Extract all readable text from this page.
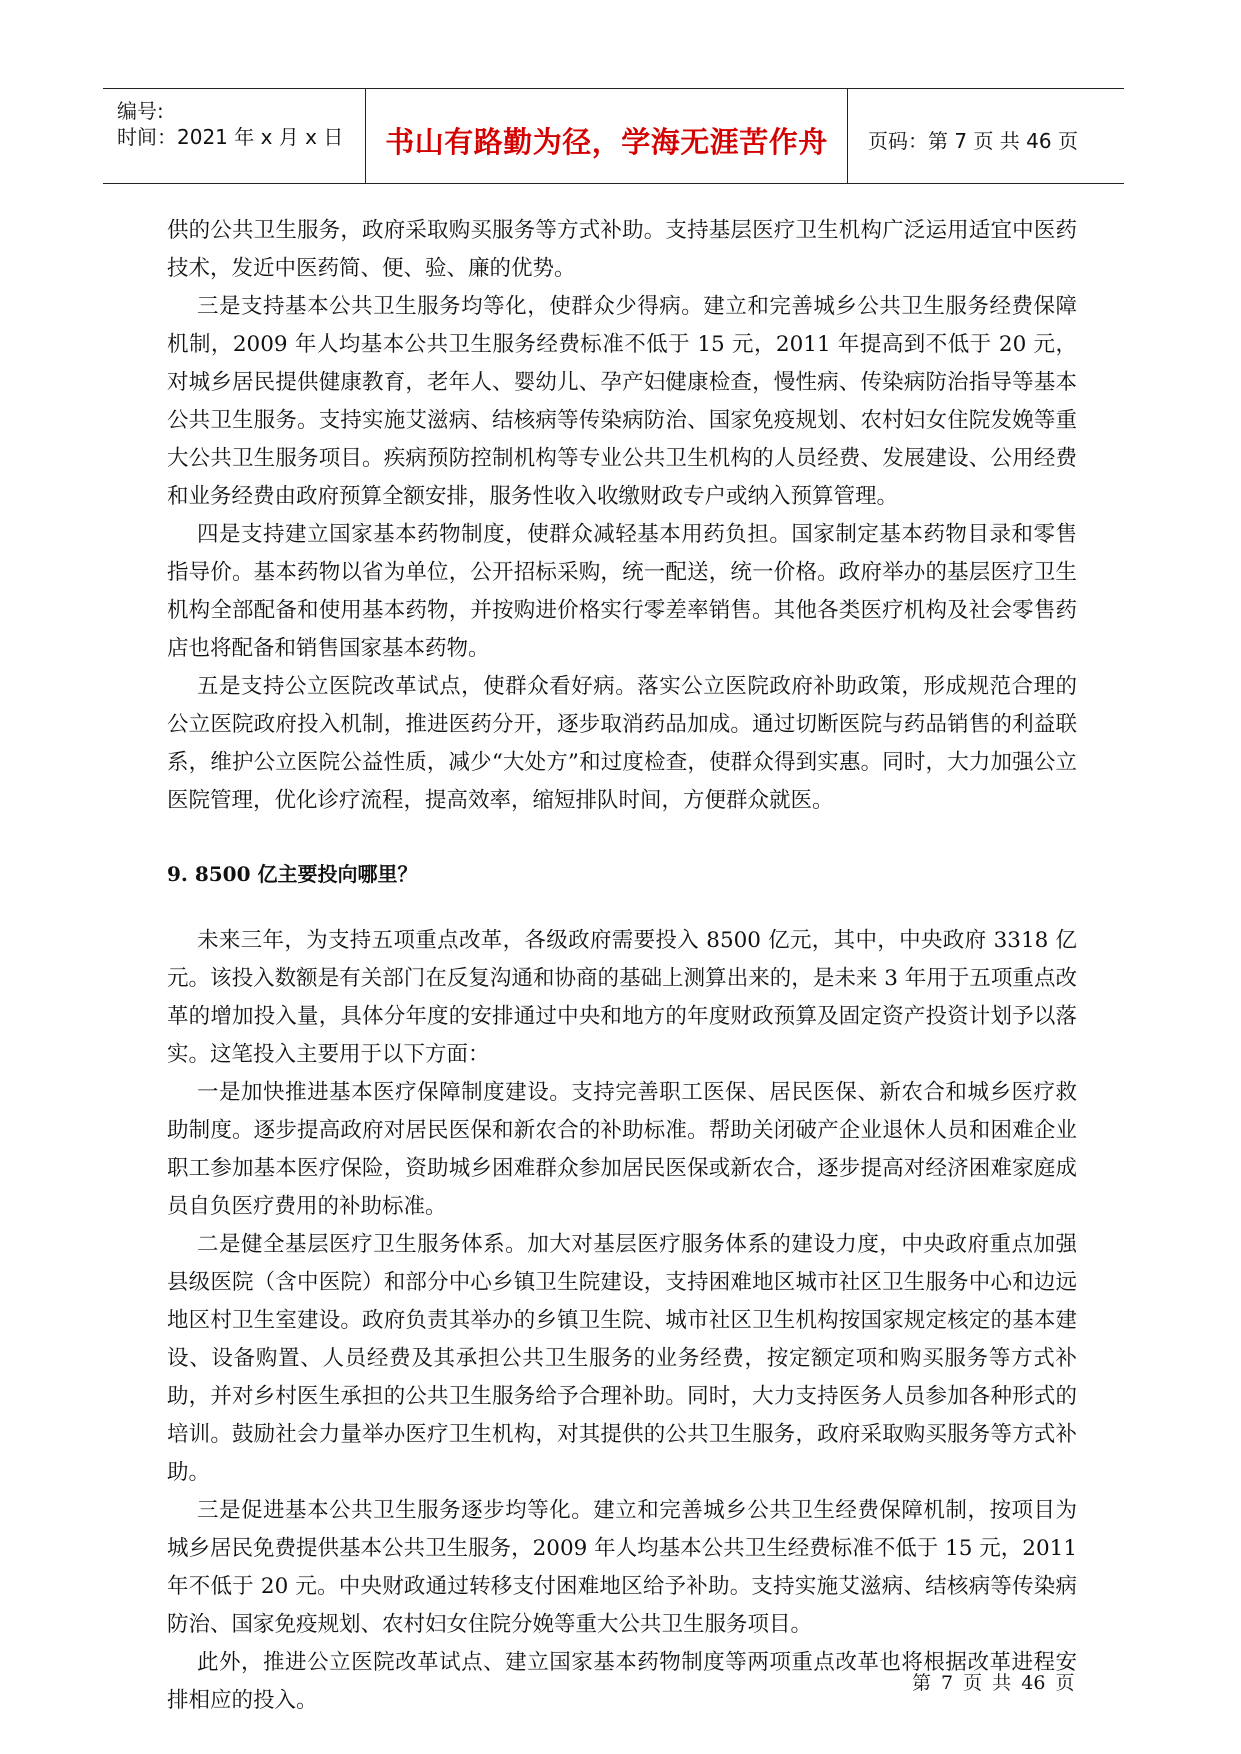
编号:
时间：2021 年 x 月 x 日	书山有路勤为径，学海无涯苦作舟	页码：第 7 页 共 46 页

供的公共卫生服务，政府采取购买服务等方式补助。支持基层医疗卫生机构广泛运用适宜中医药技术，发近中医药简、便、验、廉的优势。

三是支持基本公共卫生服务均等化，使群众少得病。建立和完善城乡公共卫生服务经费保障机制，2009 年人均基本公共卫生服务经费标准不低于 15 元，2011 年提高到不低于 20 元，对城乡居民提供健康教育，老年人、婴幼儿、孕产妇健康检查，慢性病、传染病防治指导等基本公共卫生服务。支持实施艾滋病、结核病等传染病防治、国家免疫规划、农村妇女住院发娩等重大公共卫生服务项目。疾病预防控制机构等专业公共卫生机构的人员经费、发展建设、公用经费和业务经费由政府预算全额安排，服务性收入收缴财政专户或纳入预算管理。

四是支持建立国家基本药物制度，使群众减轻基本用药负担。国家制定基本药物目录和零售指导价。基本药物以省为单位，公开招标采购，统一配送，统一价格。政府举办的基层医疗卫生机构全部配备和使用基本药物，并按购进价格实行零差率销售。其他各类医疗机构及社会零售药店也将配备和销售国家基本药物。

五是支持公立医院改革试点，使群众看好病。落实公立医院政府补助政策，形成规范合理的公立医院政府投入机制，推进医药分开，逐步取消药品加成。通过切断医院与药品销售的利益联系，维护公立医院公益性质，减少“大处方”和过度检查，使群众得到实惠。同时，大力加强公立医院管理，优化诊疗流程，提高效率，缩短排队时间，方便群众就医。

9. 8500 亿主要投向哪里？

未来三年，为支持五项重点改革，各级政府需要投入 8500 亿元，其中，中央政府 3318 亿元。该投入数额是有关部门在反复沟通和协商的基础上测算出来的，是未来 3 年用于五项重点改革的增加投入量，具体分年度的安排通过中央和地方的年度财政预算及固定资产投资计划予以落实。这笔投入主要用于以下方面：

一是加快推进基本医疗保障制度建设。支持完善职工医保、居民医保、新农合和城乡医疗救助制度。逐步提高政府对居民医保和新农合的补助标准。帮助关闭破产企业退休人员和困难企业职工参加基本医疗保险，资助城乡困难群众参加居民医保或新农合，逐步提高对经济困难家庭成员自负医疗费用的补助标准。

二是健全基层医疗卫生服务体系。加大对基层医疗服务体系的建设力度，中央政府重点加强县级医院（含中医院）和部分中心乡镇卫生院建设，支持困难地区城市社区卫生服务中心和边远地区村卫生室建设。政府负责其举办的乡镇卫生院、城市社区卫生机构按国家规定核定的基本建设、设备购置、人员经费及其承担公共卫生服务的业务经费，按定额定项和购买服务等方式补助，并对乡村医生承担的公共卫生服务给予合理补助。同时，大力支持医务人员参加各种形式的培训。鼓励社会力量举办医疗卫生机构，对其提供的公共卫生服务，政府采取购买服务等方式补助。

三是促进基本公共卫生服务逐步均等化。建立和完善城乡公共卫生经费保障机制，按项目为城乡居民免费提供基本公共卫生服务，2009 年人均基本公共卫生经费标准不低于 15 元，2011 年不低于 20 元。中央财政通过转移支付困难地区给予补助。支持实施艾滋病、结核病等传染病防治、国家免疫规划、农村妇女住院分娩等重大公共卫生服务项目。

此外，推进公立医院改革试点、建立国家基本药物制度等两项重点改革也将根据改革进程安排相应的投入。

第 7 页 共 46 页
